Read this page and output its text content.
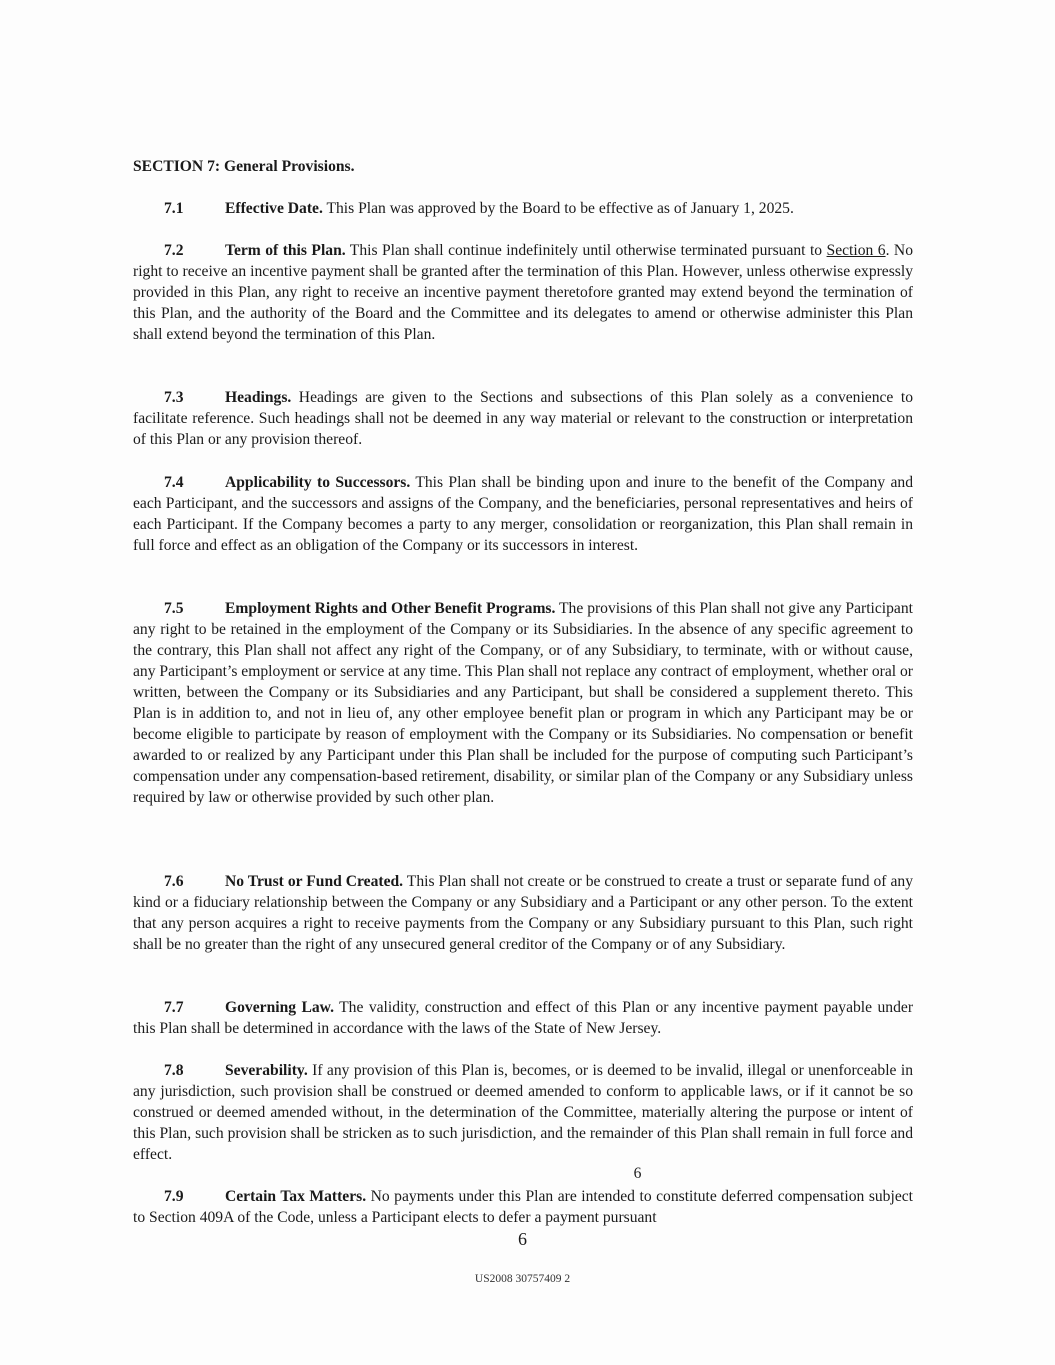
SECTION 7: General Provisions.

7.1	Effective Date. This Plan was approved by the Board to be effective as of January 1, 2025.

7.2	Term of this Plan. This Plan shall continue indefinitely until otherwise terminated pursuant to Section 6. No right to receive an incentive payment shall be granted after the termination of this Plan. However, unless otherwise expressly provided in this Plan, any right to receive an incentive payment theretofore granted may extend beyond the termination of this Plan, and the authority of the Board and the Committee and its delegates to amend or otherwise administer this Plan shall extend beyond the termination of this Plan.

7.3	Headings. Headings are given to the Sections and subsections of this Plan solely as a convenience to facilitate reference. Such headings shall not be deemed in any way material or relevant to the construction or interpretation of this Plan or any provision thereof.

7.4	Applicability to Successors. This Plan shall be binding upon and inure to the benefit of the Company and each Participant, and the successors and assigns of the Company, and the beneficiaries, personal representatives and heirs of each Participant. If the Company becomes a party to any merger, consolidation or reorganization, this Plan shall remain in full force and effect as an obligation of the Company or its successors in interest.

7.5	Employment Rights and Other Benefit Programs. The provisions of this Plan shall not give any Participant any right to be retained in the employment of the Company or its Subsidiaries. In the absence of any specific agreement to the contrary, this Plan shall not affect any right of the Company, or of any Subsidiary, to terminate, with or without cause, any Participant’s employment or service at any time. This Plan shall not replace any contract of employment, whether oral or written, between the Company or its Subsidiaries and any Participant, but shall be considered a supplement thereto. This Plan is in addition to, and not in lieu of, any other employee benefit plan or program in which any Participant may be or become eligible to participate by reason of employment with the Company or its Subsidiaries. No compensation or benefit awarded to or realized by any Participant under this Plan shall be included for the purpose of computing such Participant’s compensation under any compensation-based retirement, disability, or similar plan of the Company or any Subsidiary unless required by law or otherwise provided by such other plan.

7.6	No Trust or Fund Created. This Plan shall not create or be construed to create a trust or separate fund of any kind or a fiduciary relationship between the Company or any Subsidiary and a Participant or any other person. To the extent that any person acquires a right to receive payments from the Company or any Subsidiary pursuant to this Plan, such right shall be no greater than the right of any unsecured general creditor of the Company or of any Subsidiary.

7.7	Governing Law. The validity, construction and effect of this Plan or any incentive payment payable under this Plan shall be determined in accordance with the laws of the State of New Jersey.

7.8	Severability. If any provision of this Plan is, becomes, or is deemed to be invalid, illegal or unenforceable in any jurisdiction, such provision shall be construed or deemed amended to conform to applicable laws, or if it cannot be so construed or deemed amended without, in the determination of the Committee, materially altering the purpose or intent of this Plan, such provision shall be stricken as to such jurisdiction, and the remainder of this Plan shall remain in full force and effect.

6

7.9	Certain Tax Matters. No payments under this Plan are intended to constitute deferred compensation subject to Section 409A of the Code, unless a Participant elects to defer a payment pursuant

6
US2008 30757409 2
